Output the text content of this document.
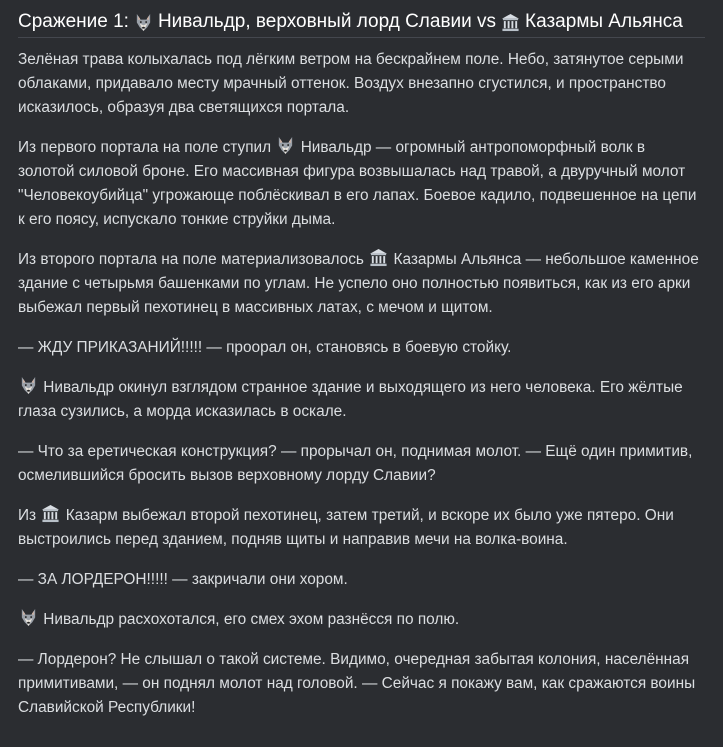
Сражение 1: Нивальдр, верховный лорд Славии vs Казармы Альянса
Зелёная трава колыхалась под лёгким ветром на бескрайнем поле. Небо, затянутое серыми облаками, придавало месту мрачный оттенок. Воздух внезапно сгустился, и пространство исказилось, образуя два светящихся портала.
Из первого портала на поле ступил Нивальдр — огромный антропоморфный волк в золотой силовой броне. Его массивная фигура возвышалась над травой, а двуручный молот "Человекоубийца" угрожающе поблёскивал в его лапах. Боевое кадило, подвешенное на цепи к его поясу, испускало тонкие струйки дыма.
Из второго портала на поле материализовалось Казармы Альянса — небольшое каменное здание с четырьмя башенками по углам. Не успело оно полностью появиться, как из его арки выбежал первый пехотинец в массивных латах, с мечом и щитом.
— ЖДУ ПРИКАЗАНИЙ!!!!! — проорал он, становясь в боевую стойку.
Нивальдр окинул взглядом странное здание и выходящего из него человека. Его жёлтые глаза сузились, а морда исказилась в оскале.
— Что за еретическая конструкция? — прорычал он, поднимая молот. — Ещё один примитив, осмелившийся бросить вызов верховному лорду Славии?
Из Казарм выбежал второй пехотинец, затем третий, и вскоре их было уже пятеро. Они выстроились перед зданием, подняв щиты и направив мечи на волка-воина.
— ЗА ЛОРДЕРОН!!!!! — закричали они хором.
Нивальдр расхохотался, его смех эхом разнёсся по полю.
— Лордерон? Не слышал о такой системе. Видимо, очередная забытая колония, населённая примитивами, — он поднял молот над головой. — Сейчас я покажу вам, как сражаются воины Славийской Республики!
